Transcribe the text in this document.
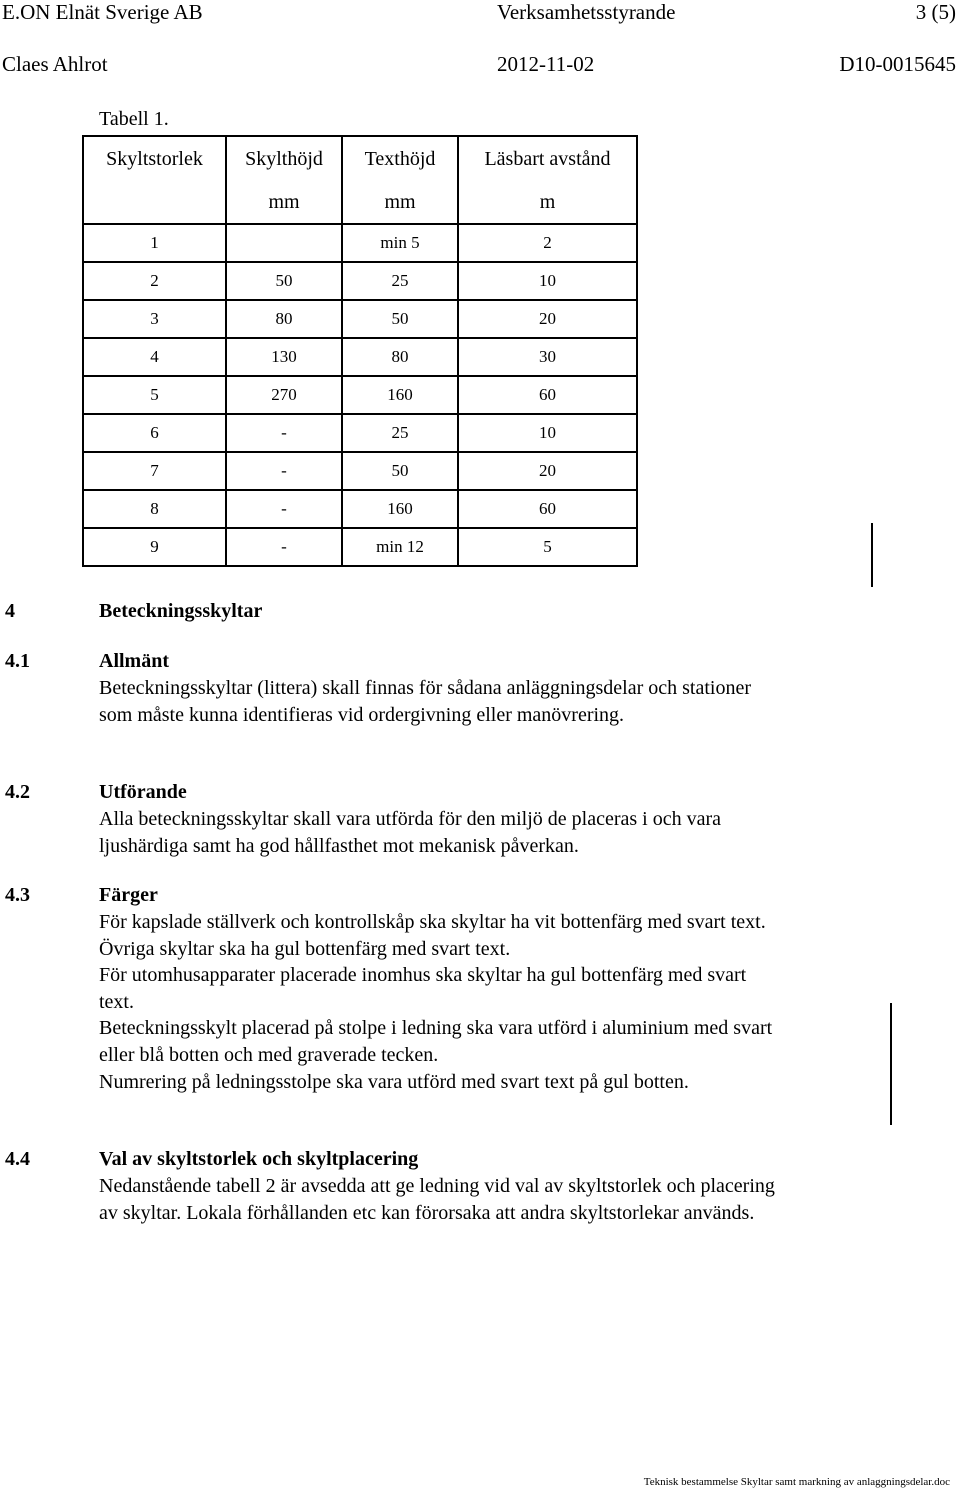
E.ON Elnät Sverige AB	Verksamhetsstyrande	3 (5)
Claes Ahlrot	2012-11-02	D10-0015645
Tabell 1.
Skyltstorlek	Skylthöjd	Texthöjd	Läsbart avstånd
	mm	mm	m
1		min 5	2
2	50	25	10
3	80	50	20
4	130	80	30
5	270	160	60
6	-	25	10
7	-	50	20
8	-	160	60
9	-	min 12	5
4	Beteckningsskyltar
4.1	Allmänt

Beteckningsskyltar (littera) skall finnas för sådana anläggningsdelar och stationer som måste kunna identifieras vid ordergivning eller manövrering.

4.2	Utförande

Alla beteckningsskyltar skall vara utförda för den miljö de placeras i och vara ljushärdiga samt ha god hållfasthet mot mekanisk påverkan.

4.3	Färger

För kapslade ställverk och kontrollskåp ska skyltar ha vit bottenfärg med svart text. Övriga skyltar ska ha gul bottenfärg med svart text.

För utomhusapparater placerade inomhus ska skyltar ha gul bottenfärg med svart text.

Beteckningsskylt placerad på stolpe i ledning ska vara utförd i aluminium med svart eller blå botten och med graverade tecken.

Numrering på ledningsstolpe ska vara utförd med svart text på gul botten.

4.4	Val av skyltstorlek och skyltplacering

Nedanstående tabell 2 är avsedda att ge ledning vid val av skyltstorlek och placering av skyltar. Lokala förhållanden etc kan förorsaka att andra skyltstorlekar används.

Teknisk bestammelse Skyltar samt markning av anlaggningsdelar.doc
